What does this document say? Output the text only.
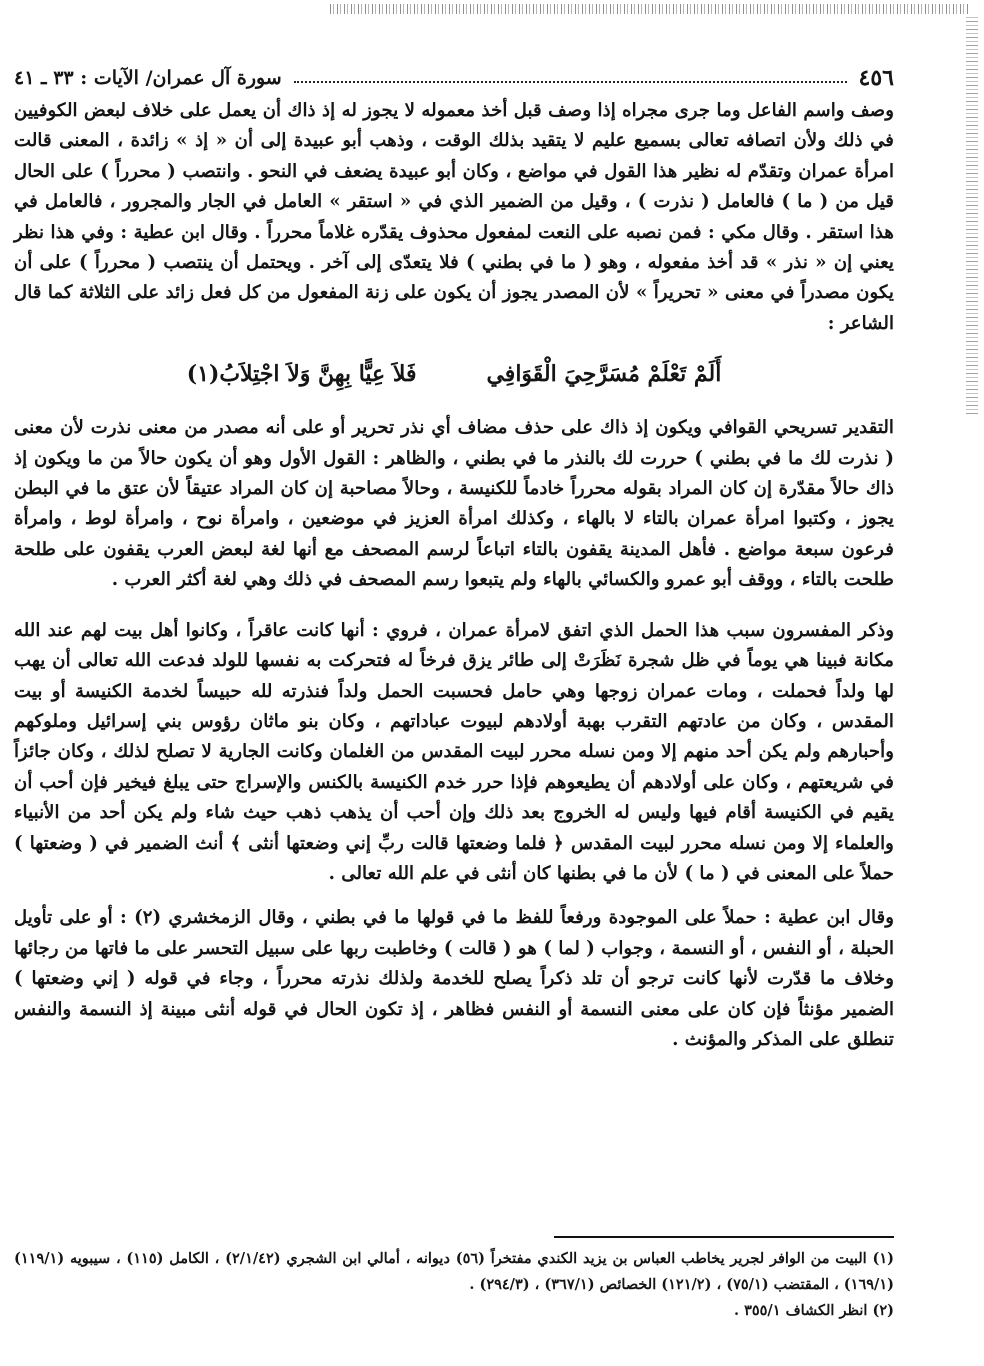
٤٥٦
سورة آل عمران/ الآيات : ٣٣ ـ ٤١

وصف واسم الفاعل وما جرى مجراه إذا وصف قبل أخذ معموله لا يجوز له إذ ذاك أن يعمل على خلاف لبعض الكوفيين في ذلك ولأن اتصافه تعالى بسميع عليم لا يتقيد بذلك الوقت ، وذهب أبو عبيدة إلى أن « إذ » زائدة ، المعنى قالت امرأة عمران وتقدّم له نظير هذا القول في مواضع ، وكان أبو عبيدة يضعف في النحو . وانتصب ( محرراً ) على الحال قيل من ( ما ) فالعامل ( نذرت ) ، وقيل من الضمير الذي في « استقر » العامل في الجار والمجرور ، فالعامل في هذا استقر . وقال مكي : فمن نصبه على النعت لمفعول محذوف يقدّره غلاماً محرراً . وقال ابن عطية : وفي هذا نظر يعني إن « نذر » قد أخذ مفعوله ، وهو ( ما في بطني ) فلا يتعدّى إلى آخر . ويحتمل أن ينتصب ( محرراً ) على أن يكون مصدراً في معنى « تحريراً » لأن المصدر يجوز أن يكون على زنة المفعول من كل فعل زائد على الثلاثة كما قال الشاعر :

أَلَمْ تَعْلَمْ مُسَرَّحِيَ الْقَوَافِي
فَلاَ عِيًّا بِهِنَّ وَلاَ اجْتِلاَبُ(١)

التقدير تسريحي القوافي ويكون إذ ذاك على حذف مضاف أي نذر تحرير أو على أنه مصدر من معنى نذرت لأن معنى ( نذرت لك ما في بطني ) حررت لك بالنذر ما في بطني ، والظاهر : القول الأول وهو أن يكون حالاً من ما ويكون إذ ذاك حالاً مقدّرة إن كان المراد بقوله محرراً خادماً للكنيسة ، وحالاً مصاحبة إن كان المراد عتيقاً لأن عتق ما في البطن يجوز ، وكتبوا امرأة عمران بالتاء لا بالهاء ، وكذلك امرأة العزيز في موضعين ، وامرأة نوح ، وامرأة لوط ، وامرأة فرعون سبعة مواضع . فأهل المدينة يقفون بالتاء اتباعاً لرسم المصحف مع أنها لغة لبعض العرب يقفون على طلحة طلحت بالتاء ، ووقف أبو عمرو والكسائي بالهاء ولم يتبعوا رسم المصحف في ذلك وهي لغة أكثر العرب .

وذكر المفسرون سبب هذا الحمل الذي اتفق لامرأة عمران ، فروي : أنها كانت عاقراً ، وكانوا أهل بيت لهم عند الله مكانة فبينا هي يوماً في ظل شجرة نَظَرَتْ إلى طائر يزق فرخاً له فتحركت به نفسها للولد فدعت الله تعالى أن يهب لها ولداً فحملت ، ومات عمران زوجها وهي حامل فحسبت الحمل ولداً فنذرته لله حبيساً لخدمة الكنيسة أو بيت المقدس ، وكان من عادتهم التقرب بهبة أولادهم لبيوت عباداتهم ، وكان بنو ماثان رؤوس بني إسرائيل وملوكهم وأحبارهم ولم يكن أحد منهم إلا ومن نسله محرر لبيت المقدس من الغلمان وكانت الجارية لا تصلح لذلك ، وكان جائزاً في شريعتهم ، وكان على أولادهم أن يطيعوهم فإذا حرر خدم الكنيسة بالكنس والإسراج حتى يبلغ فيخير فإن أحب أن يقيم في الكنيسة أقام فيها وليس له الخروج بعد ذلك وإن أحب أن يذهب ذهب حيث شاء ولم يكن أحد من الأنبياء والعلماء إلا ومن نسله محرر لبيت المقدس ﴿ فلما وضعتها قالت ربِّ إني وضعتها أنثى ﴾ أنث الضمير في ( وضعتها ) حملاً على المعنى في ( ما ) لأن ما في بطنها كان أنثى في علم الله تعالى .

وقال ابن عطية : حملاً على الموجودة ورفعاً للفظ ما في قولها ما في بطني ، وقال الزمخشري (٢) : أو على تأويل الحبلة ، أو النفس ، أو النسمة ، وجواب ( لما ) هو ( قالت ) وخاطبت ربها على سبيل التحسر على ما فاتها من رجائها وخلاف ما قدّرت لأنها كانت ترجو أن تلد ذكراً يصلح للخدمة ولذلك نذرته محرراً ، وجاء في قوله ( إني وضعتها ) الضمير مؤنثاً فإن كان على معنى النسمة أو النفس فظاهر ، إذ تكون الحال في قوله أنثى مبينة إذ النسمة والنفس تنطلق على المذكر والمؤنث .

(١) البيت من الوافر لجرير يخاطب العباس بن يزيد الكندي مفتخراً (٥٦) ديوانه ، أمالي ابن الشجري (٢/١/٤٢) ، الكامل (١١٥) ، سيبويه (١١٩/١) (١٦٩/١) ، المقتضب (٧٥/١) ، (١٢١/٢) الخصائص (٣٦٧/١) ، (٢٩٤/٣) .

(٢) انظر الكشاف ٣٥٥/١ .
